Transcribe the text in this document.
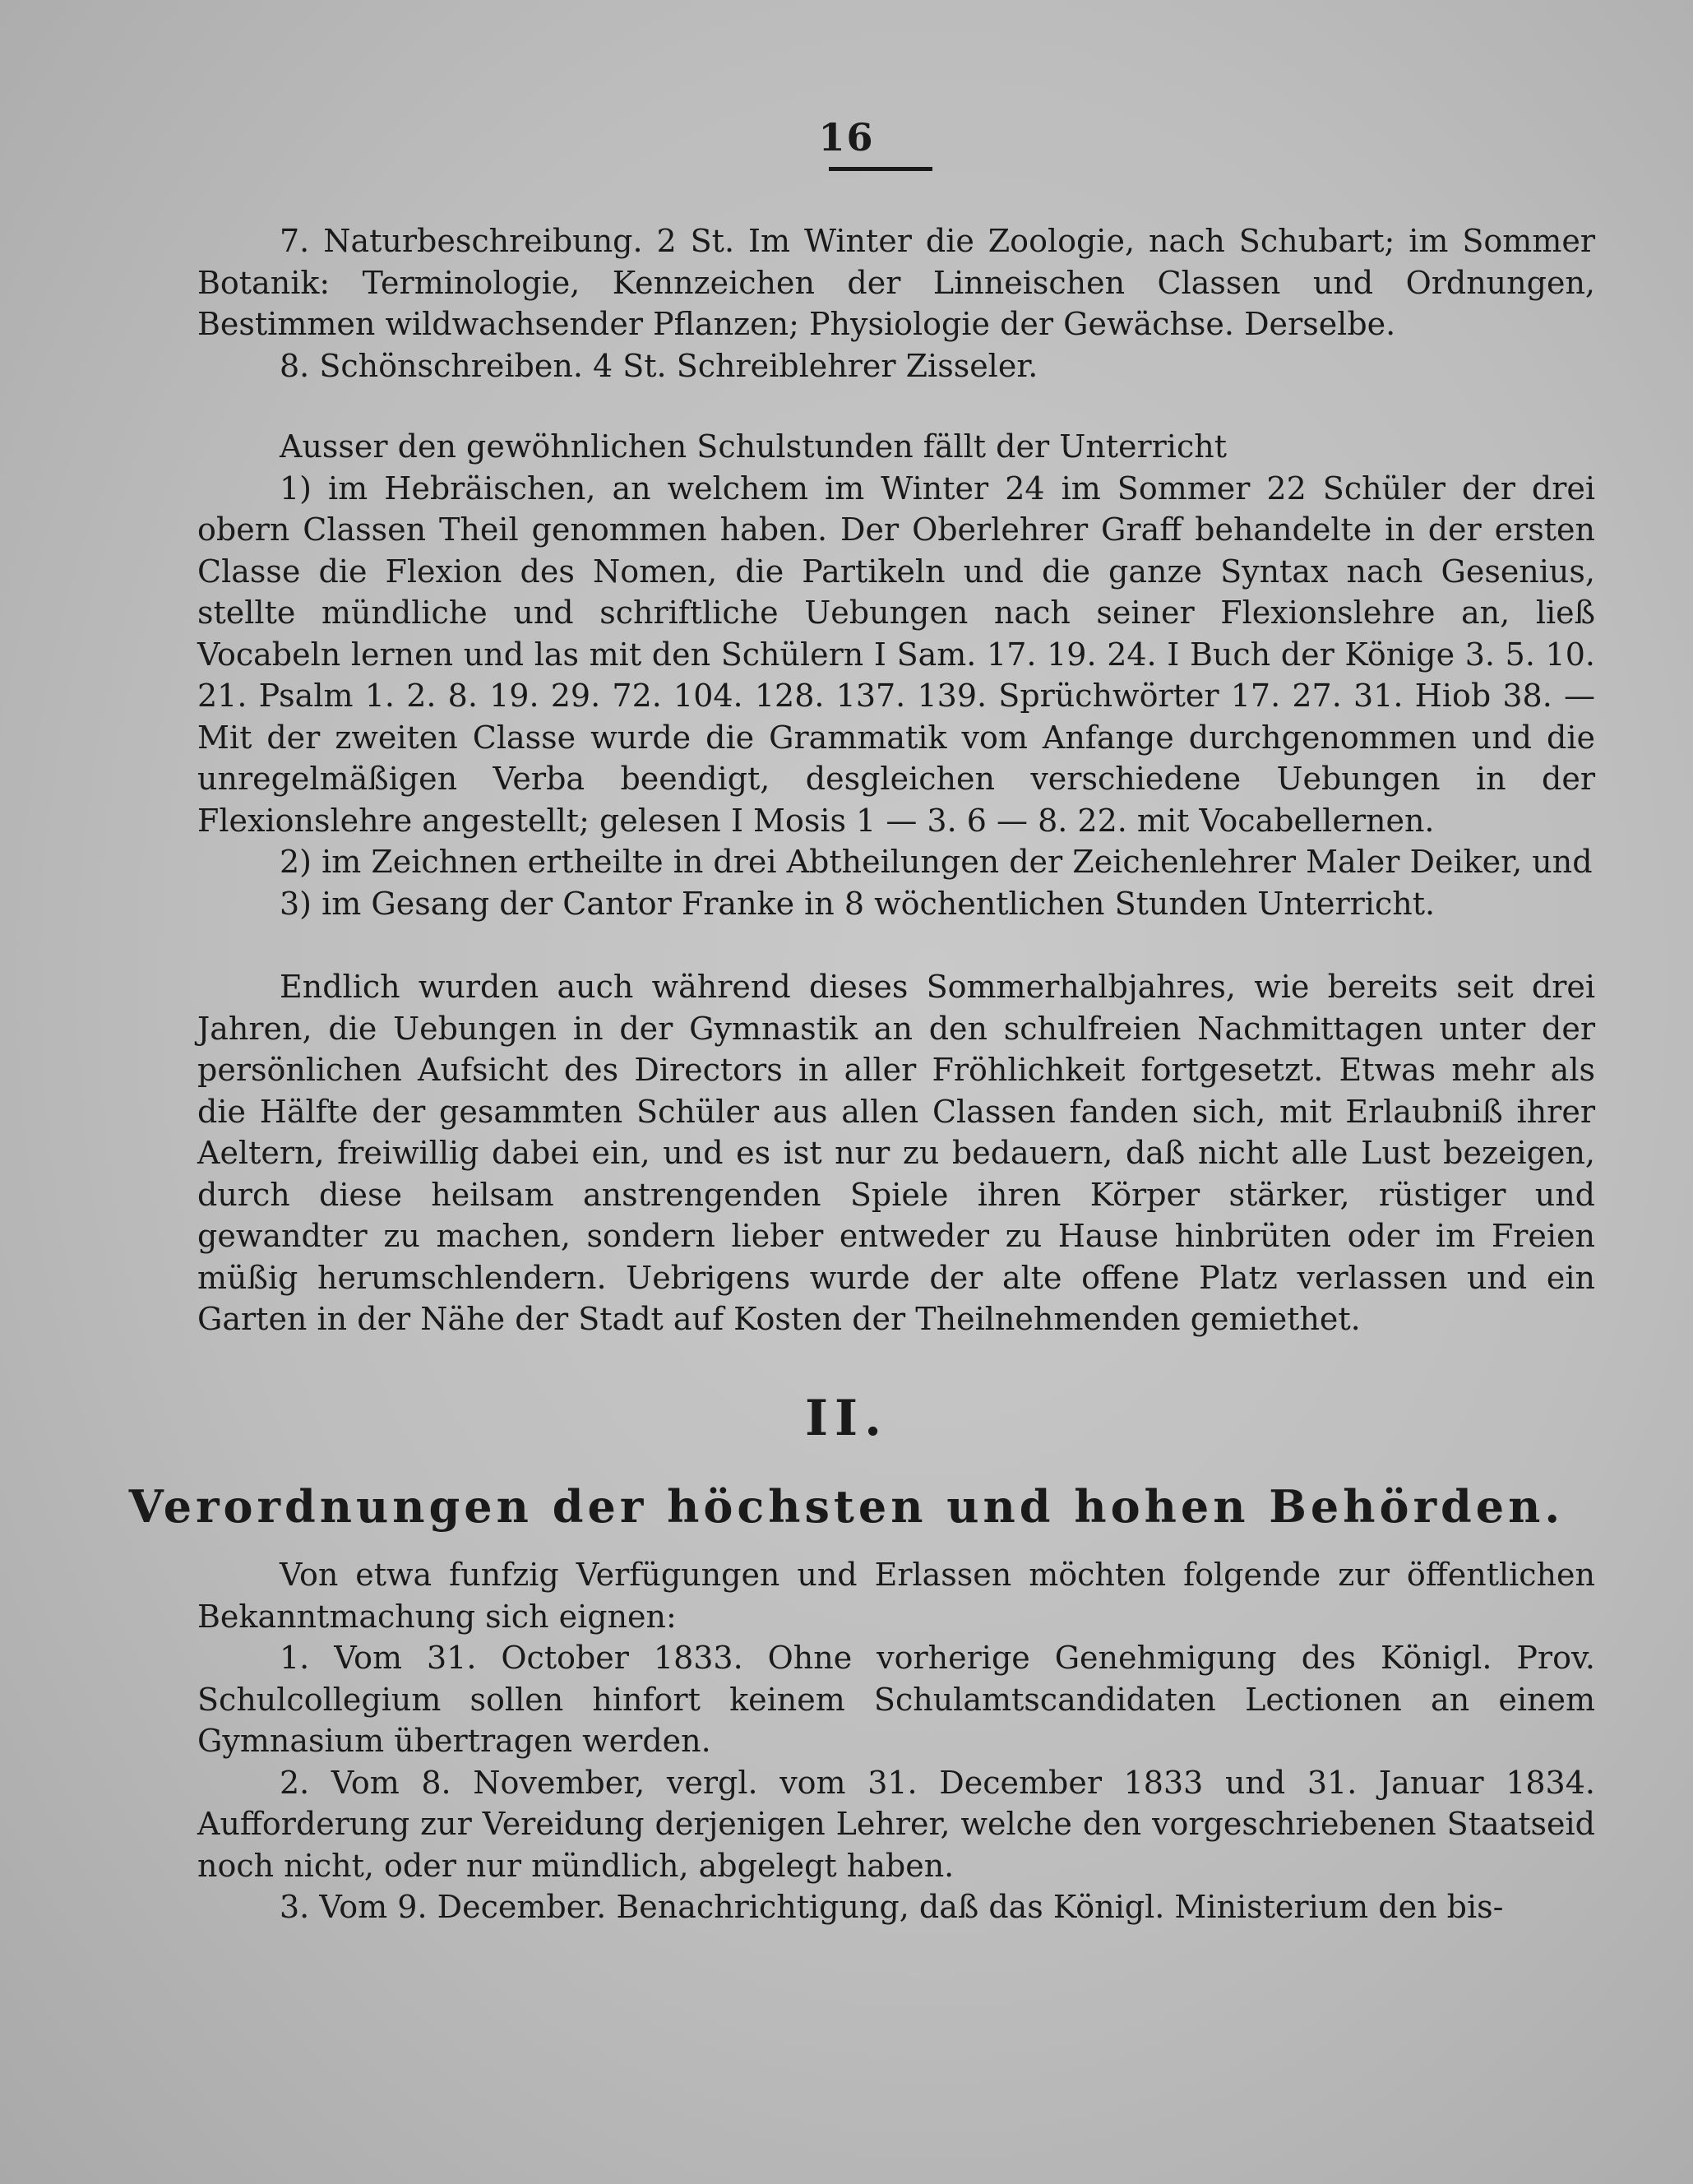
16

7. Naturbeschreibung. 2 St. Im Winter die Zoologie, nach Schubart; im Sommer Botanik: Terminologie, Kennzeichen der Linneischen Classen und Ordnungen, Bestimmen wildwachsender Pflanzen; Physiologie der Gewächse. Derselbe.

8. Schönschreiben. 4 St. Schreiblehrer Zisseler.

Ausser den gewöhnlichen Schulstunden fällt der Unterricht

1) im Hebräischen, an welchem im Winter 24 im Sommer 22 Schüler der drei obern Classen Theil genommen haben. Der Oberlehrer Graff behandelte in der ersten Classe die Flexion des Nomen, die Partikeln und die ganze Syntax nach Gesenius, stellte mündliche und schriftliche Uebungen nach seiner Flexionslehre an, ließ Vocabeln lernen und las mit den Schülern I Sam. 17. 19. 24. I Buch der Könige 3. 5. 10. 21. Psalm 1. 2. 8. 19. 29. 72. 104. 128. 137. 139. Sprüchwörter 17. 27. 31. Hiob 38. — Mit der zweiten Classe wurde die Grammatik vom Anfange durchgenommen und die unregelmäßigen Verba beendigt, desgleichen verschiedene Uebungen in der Flexionslehre angestellt; gelesen I Mosis 1 — 3. 6 — 8. 22. mit Vocabellernen.

2) im Zeichnen ertheilte in drei Abtheilungen der Zeichenlehrer Maler Deiker, und

3) im Gesang der Cantor Franke in 8 wöchentlichen Stunden Unterricht.

Endlich wurden auch während dieses Sommerhalbjahres, wie bereits seit drei Jahren, die Uebungen in der Gymnastik an den schulfreien Nachmittagen unter der persönlichen Aufsicht des Directors in aller Fröhlichkeit fortgesetzt. Etwas mehr als die Hälfte der gesammten Schüler aus allen Classen fanden sich, mit Erlaubniß ihrer Aeltern, freiwillig dabei ein, und es ist nur zu bedauern, daß nicht alle Lust bezeigen, durch diese heilsam anstrengenden Spiele ihren Körper stärker, rüstiger und gewandter zu machen, sondern lieber entweder zu Hause hinbrüten oder im Freien müßig herumschlendern. Uebrigens wurde der alte offene Platz verlassen und ein Garten in der Nähe der Stadt auf Kosten der Theilnehmenden gemiethet.

II.
Verordnungen der höchsten und hohen Behörden.

Von etwa funfzig Verfügungen und Erlassen möchten folgende zur öffentlichen Bekanntmachung sich eignen:

1. Vom 31. October 1833. Ohne vorherige Genehmigung des Königl. Prov. Schulcollegium sollen hinfort keinem Schulamtscandidaten Lectionen an einem Gymnasium übertragen werden.

2. Vom 8. November, vergl. vom 31. December 1833 und 31. Januar 1834. Aufforderung zur Vereidung derjenigen Lehrer, welche den vorgeschriebenen Staatseid noch nicht, oder nur mündlich, abgelegt haben.

3. Vom 9. December. Benachrichtigung, daß das Königl. Ministerium den bis-
